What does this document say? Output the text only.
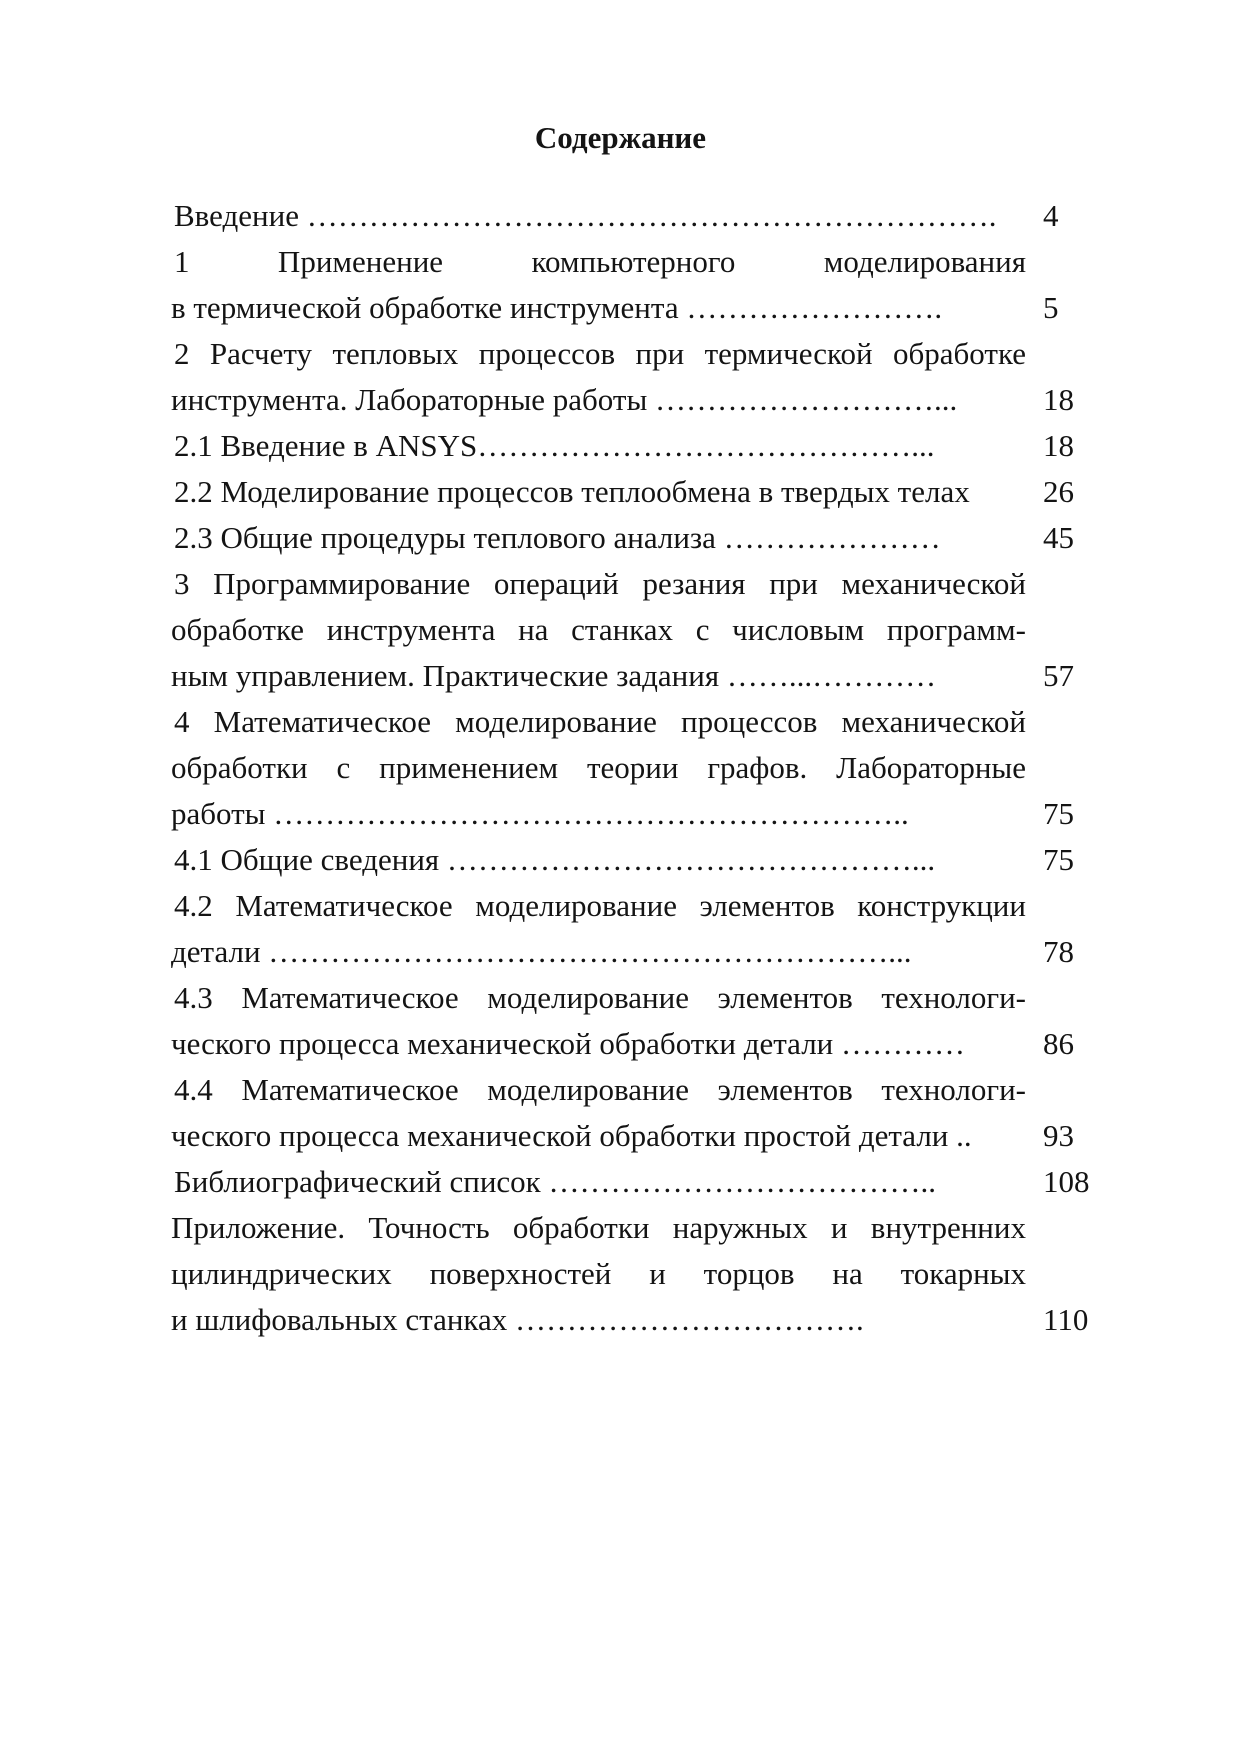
Содержание
Введение ………………………………………………………….	4
1 Применение компьютерного моделирования
в термической обработке инструмента …………………….	5
2 Расчету тепловых процессов при термической обработке
инструмента. Лабораторные работы ………………………...	18
2.1 Введение в ANSYS……………………………………...	18
2.2 Моделирование процессов теплообмена в твердых телах	26
2.3 Общие процедуры теплового анализа …………………	45
3 Программирование операций резания при механической
обработке инструмента на станках с числовым программ-
ным управлением. Практические задания ……...…………	57
4 Математическое моделирование процессов механической
обработки с применением теории графов. Лабораторные
работы ……………………………………………………..	75
4.1 Общие сведения ………………………………………...	75
4.2 Математическое моделирование элементов конструкции
детали ……………………………………………………...	78
4.3 Математическое моделирование элементов технологи-
ческого процесса механической обработки детали …………	86
4.4 Математическое моделирование элементов технологи-
ческого процесса механической обработки простой детали ..	93
Библиографический список ………………………………..	108
Приложение. Точность обработки наружных и внутренних
цилиндрических поверхностей и торцов на токарных
и шлифовальных станках …………………………….	110
